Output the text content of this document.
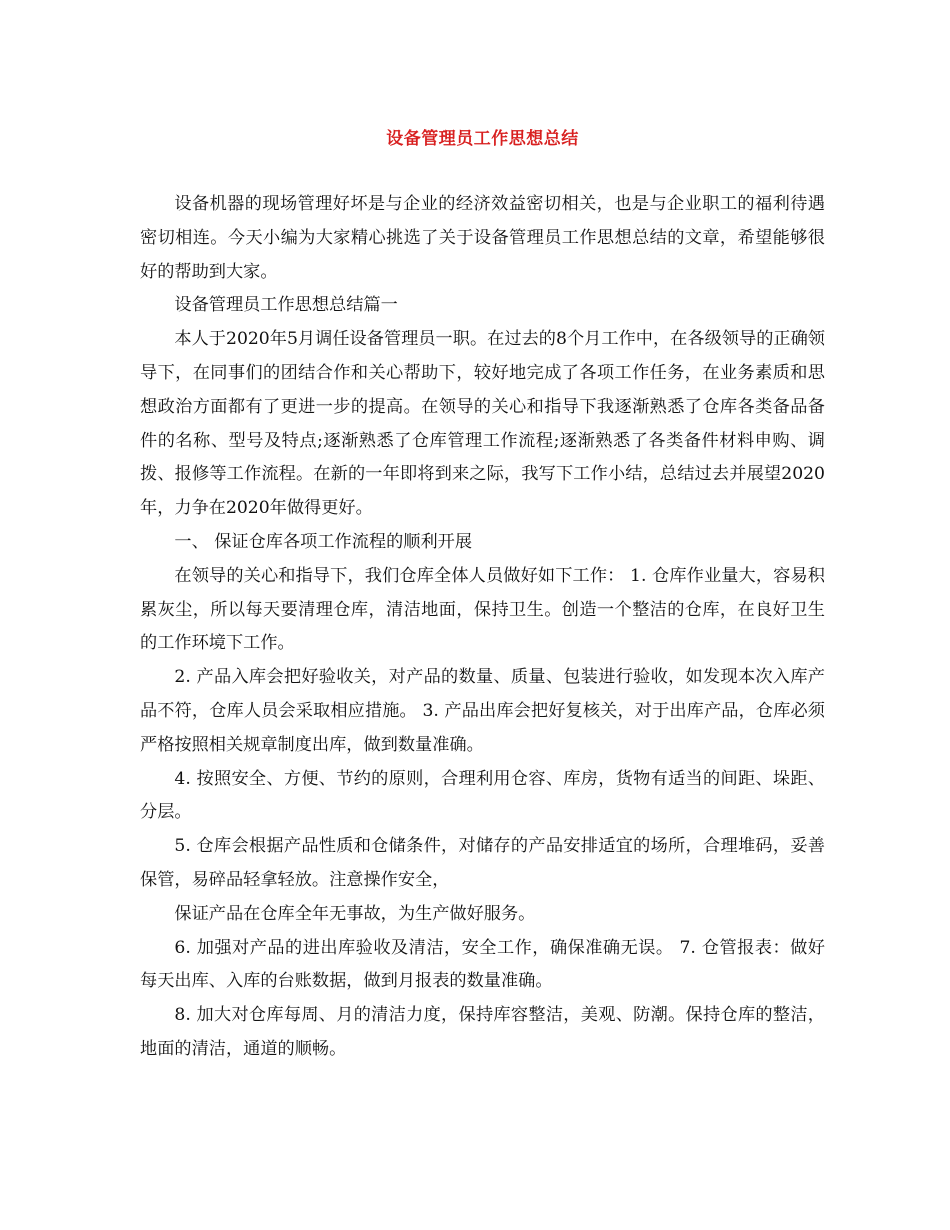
设备管理员工作思想总结

设备机器的现场管理好坏是与企业的经济效益密切相关，也是与企业职工的福利待遇密切相连。今天小编为大家精心挑选了关于设备管理员工作思想总结的文章，希望能够很好的帮助到大家。

设备管理员工作思想总结篇一

本人于2020年5月调任设备管理员一职。在过去的8个月工作中，在各级领导的正确领导下，在同事们的团结合作和关心帮助下，较好地完成了各项工作任务，在业务素质和思想政治方面都有了更进一步的提高。在领导的关心和指导下我逐渐熟悉了仓库各类备品备件的名称、型号及特点;逐渐熟悉了仓库管理工作流程;逐渐熟悉了各类备件材料申购、调拨、报修等工作流程。在新的一年即将到来之际，我写下工作小结，总结过去并展望2020年，力争在2020年做得更好。

一、 保证仓库各项工作流程的顺利开展

在领导的关心和指导下，我们仓库全体人员做好如下工作： 1. 仓库作业量大，容易积累灰尘，所以每天要清理仓库，清洁地面，保持卫生。创造一个整洁的仓库，在良好卫生的工作环境下工作。

2. 产品入库会把好验收关，对产品的数量、质量、包装进行验收，如发现本次入库产品不符，仓库人员会采取相应措施。 3. 产品出库会把好复核关，对于出库产品，仓库必须严格按照相关规章制度出库，做到数量准确。

4. 按照安全、方便、节约的原则，合理利用仓容、库房，货物有适当的间距、垛距、分层。

5. 仓库会根据产品性质和仓储条件，对储存的产品安排适宜的场所，合理堆码，妥善保管，易碎品轻拿轻放。注意操作安全，

保证产品在仓库全年无事故，为生产做好服务。

6. 加强对产品的进出库验收及清洁，安全工作，确保准确无误。 7. 仓管报表：做好每天出库、入库的台账数据，做到月报表的数量准确。

8. 加大对仓库每周、月的清洁力度，保持库容整洁，美观、防潮。保持仓库的整洁，地面的清洁，通道的顺畅。
